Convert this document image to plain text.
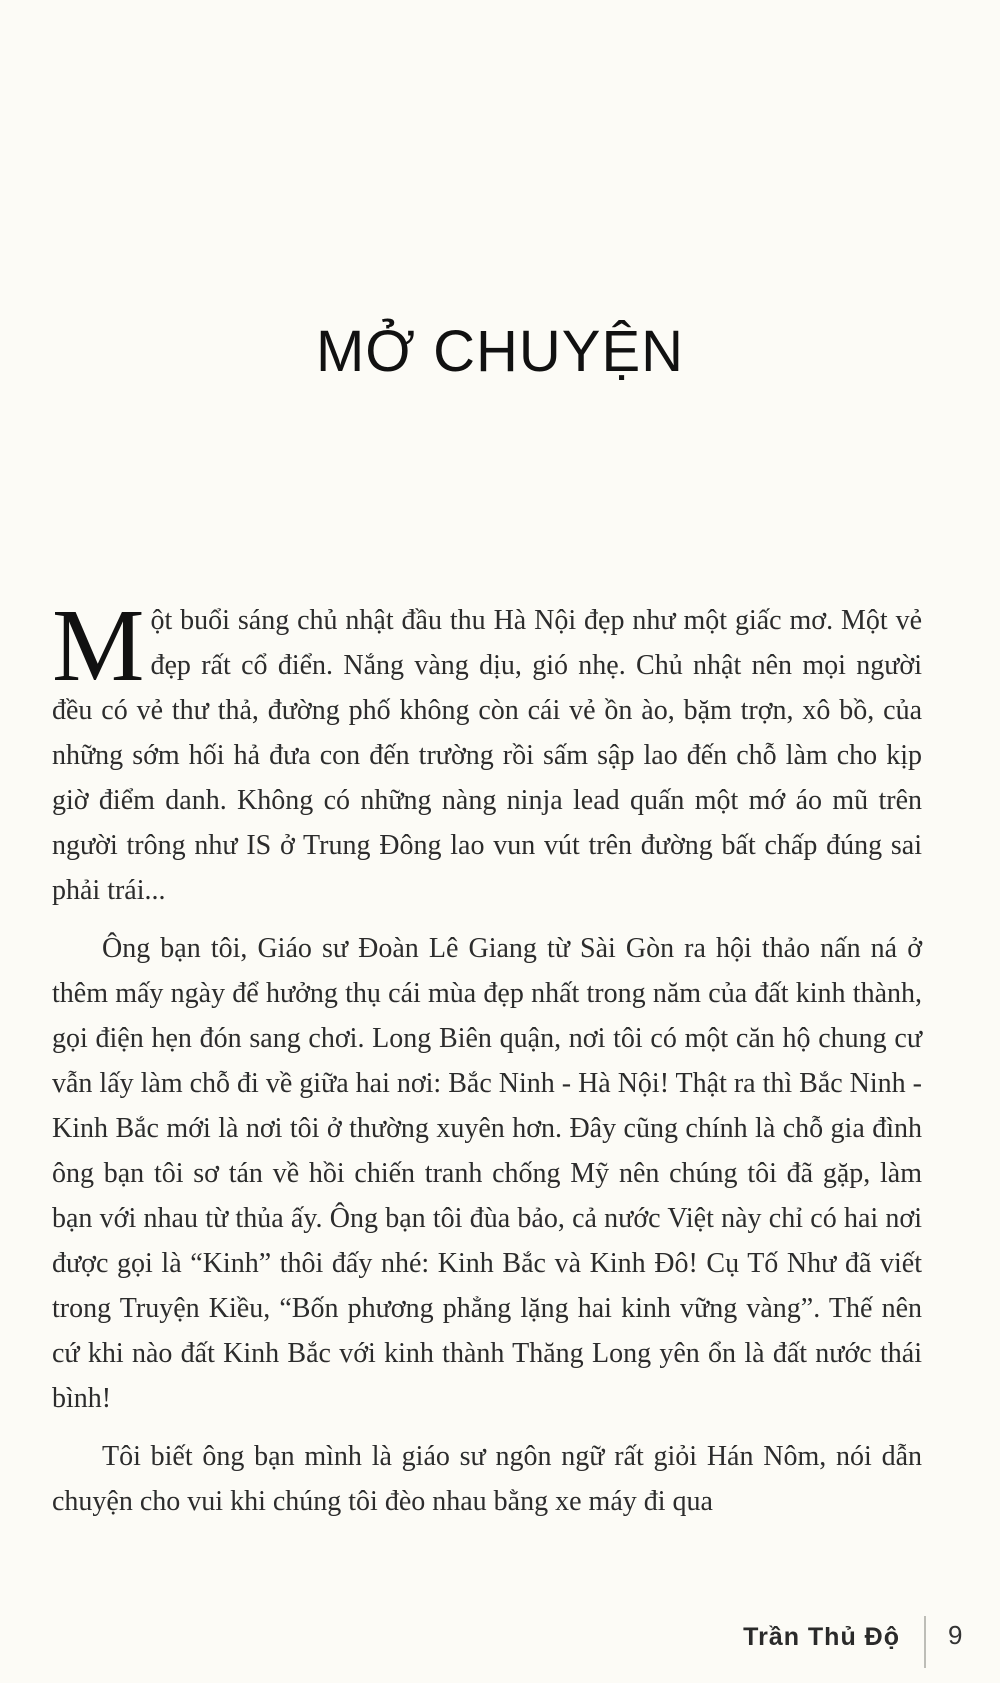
MỞ CHUYỆN

Một buổi sáng chủ nhật đầu thu Hà Nội đẹp như một giấc mơ. Một vẻ đẹp rất cổ điển. Nắng vàng dịu, gió nhẹ. Chủ nhật nên mọi người đều có vẻ thư thả, đường phố không còn cái vẻ ồn ào, bặm trợn, xô bồ, của những sớm hối hả đưa con đến trường rồi sấm sập lao đến chỗ làm cho kịp giờ điểm danh. Không có những nàng ninja lead quấn một mớ áo mũ trên người trông như IS ở Trung Đông lao vun vút trên đường bất chấp đúng sai phải trái...

Ông bạn tôi, Giáo sư Đoàn Lê Giang từ Sài Gòn ra hội thảo nấn ná ở thêm mấy ngày để hưởng thụ cái mùa đẹp nhất trong năm của đất kinh thành, gọi điện hẹn đón sang chơi. Long Biên quận, nơi tôi có một căn hộ chung cư vẫn lấy làm chỗ đi về giữa hai nơi: Bắc Ninh - Hà Nội! Thật ra thì Bắc Ninh - Kinh Bắc mới là nơi tôi ở thường xuyên hơn. Đây cũng chính là chỗ gia đình ông bạn tôi sơ tán về hồi chiến tranh chống Mỹ nên chúng tôi đã gặp, làm bạn với nhau từ thủa ấy. Ông bạn tôi đùa bảo, cả nước Việt này chỉ có hai nơi được gọi là “Kinh” thôi đấy nhé: Kinh Bắc và Kinh Đô! Cụ Tố Như đã viết trong Truyện Kiều, “Bốn phương phẳng lặng hai kinh vững vàng”. Thế nên cứ khi nào đất Kinh Bắc với kinh thành Thăng Long yên ổn là đất nước thái bình!

Tôi biết ông bạn mình là giáo sư ngôn ngữ rất giỏi Hán Nôm, nói dẫn chuyện cho vui khi chúng tôi đèo nhau bằng xe máy đi qua

Trần Thủ Độ 9
